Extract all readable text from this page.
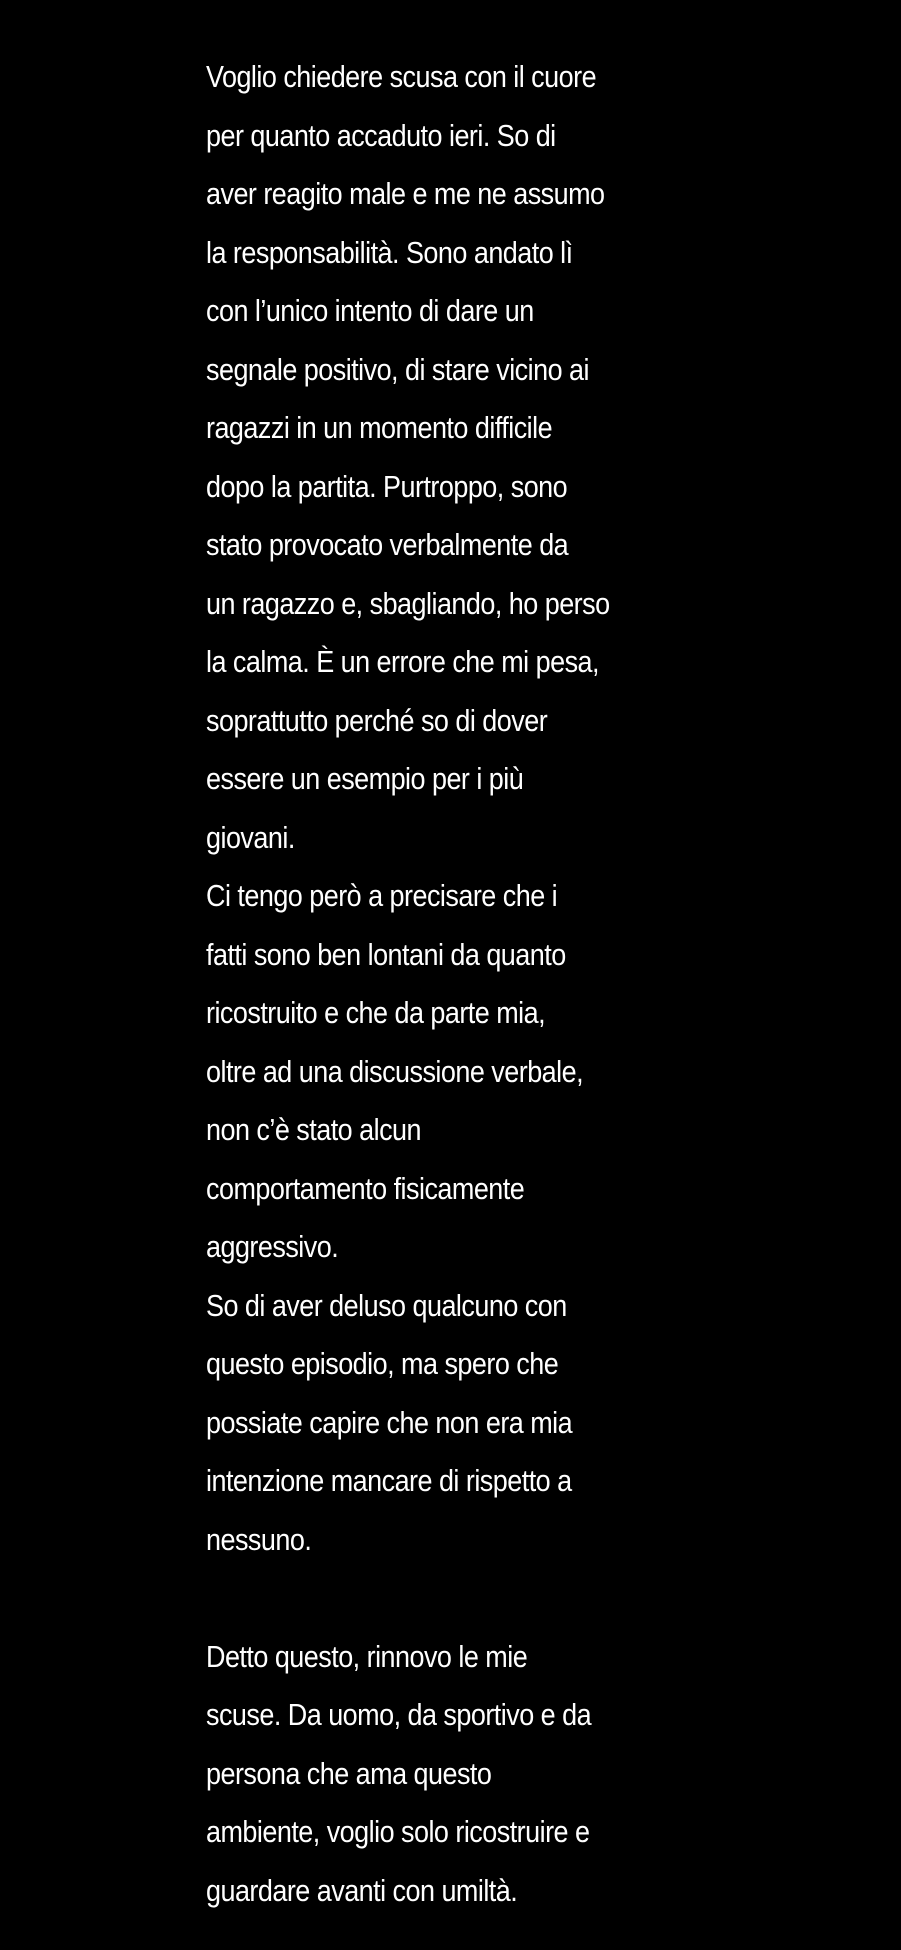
Voglio chiedere scusa con il cuore
per quanto accaduto ieri. So di
aver reagito male e me ne assumo
la responsabilità. Sono andato lì
con l’unico intento di dare un
segnale positivo, di stare vicino ai
ragazzi in un momento difficile
dopo la partita. Purtroppo, sono
stato provocato verbalmente da
un ragazzo e, sbagliando, ho perso
la calma. È un errore che mi pesa,
soprattutto perché so di dover
essere un esempio per i più
giovani.
Ci tengo però a precisare che i
fatti sono ben lontani da quanto
ricostruito e che da parte mia,
oltre ad una discussione verbale,
non c’è stato alcun
comportamento fisicamente
aggressivo.
So di aver deluso qualcuno con
questo episodio, ma spero che
possiate capire che non era mia
intenzione mancare di rispetto a
nessuno.
Detto questo, rinnovo le mie
scuse. Da uomo, da sportivo e da
persona che ama questo
ambiente, voglio solo ricostruire e
guardare avanti con umiltà.
